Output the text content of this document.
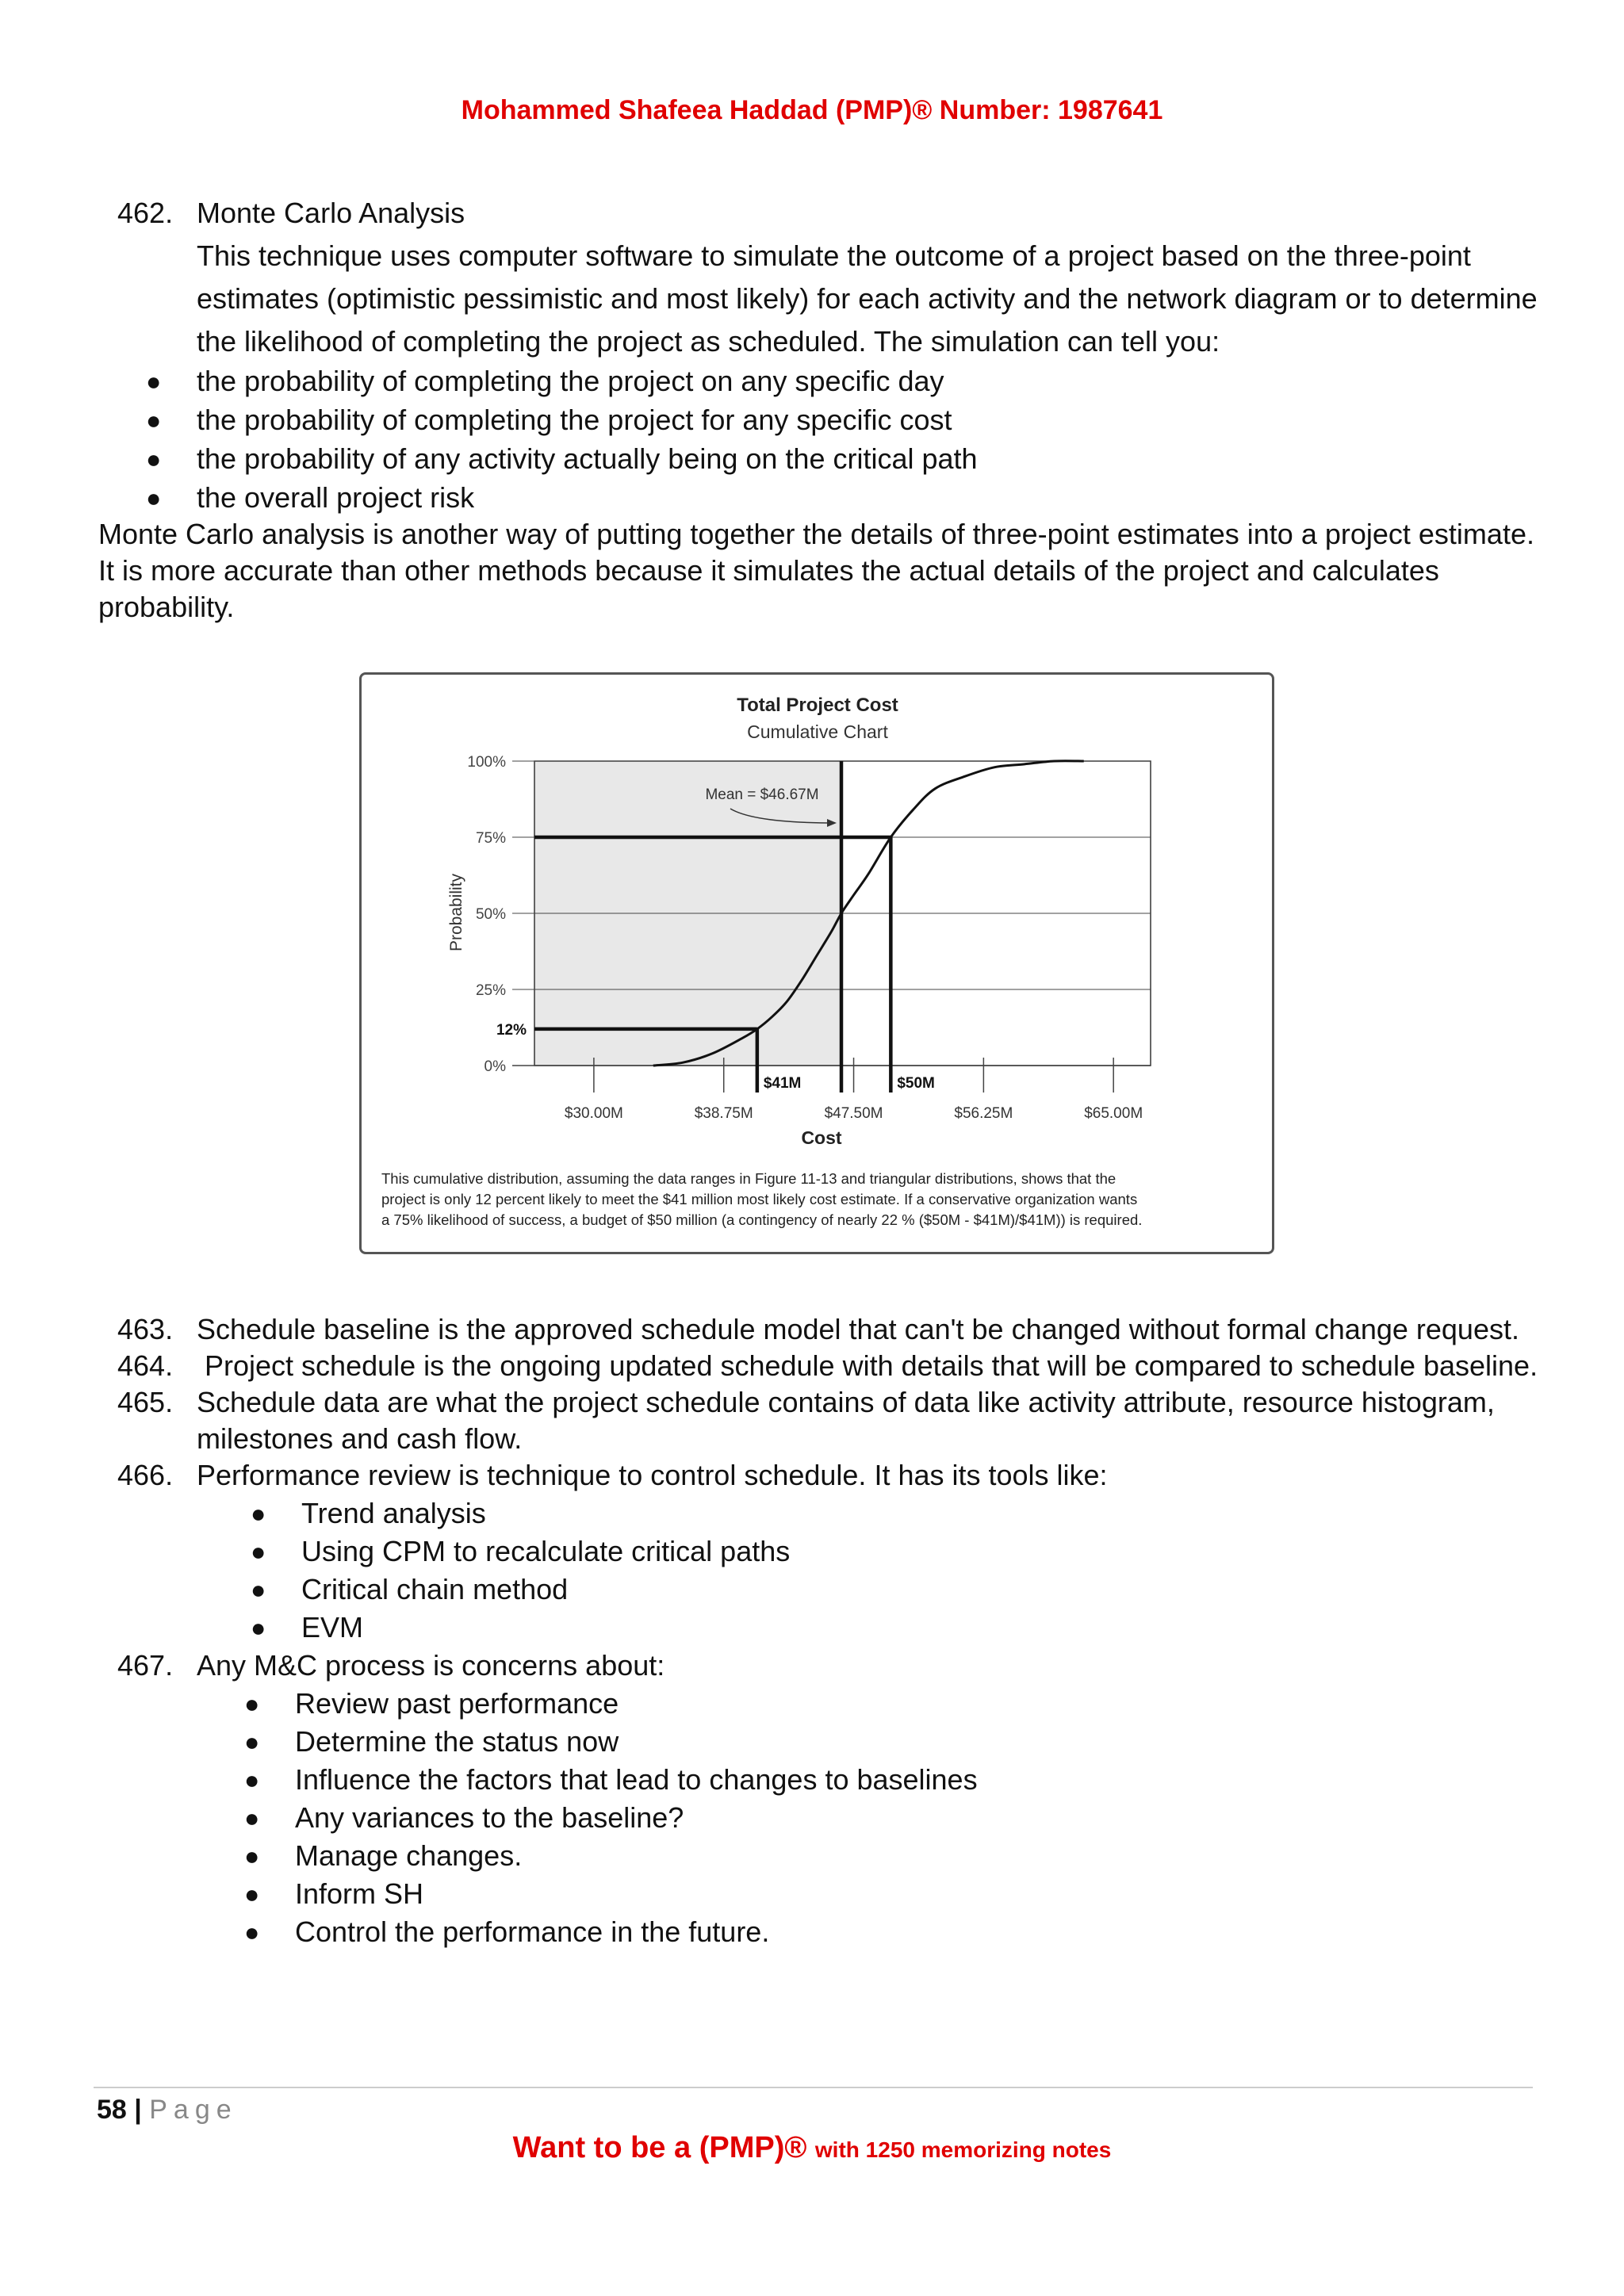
Mohammed Shafeea Haddad (PMP)® Number: 1987641
462. Monte Carlo Analysis
This technique uses computer software to simulate the outcome of a project based on the three-point
estimates (optimistic pessimistic and most likely) for each activity and the network diagram or to determine
the likelihood of completing the project as scheduled. The simulation can tell you:
● the probability of completing the project on any specific day
● the probability of completing the project for any specific cost
● the probability of any activity actually being on the critical path
● the overall project risk
Monte Carlo analysis is another way of putting together the details of three-point estimates into a project estimate.
It is more accurate than other methods because it simulates the actual details of the project and calculates
probability.
Total Project Cost
Cumulative Chart
0%
25%
50%
75%
100%
$30.00M	$38.75M	$47.50M	$56.25M	$65.00M
$41M
12%
$50M
Mean = $46.67M
Probability
Cost
This cumulative distribution, assuming the data ranges in Figure 11-13 and triangular distributions, shows that the
project is only 12 percent likely to meet the $41 million most likely cost estimate. If a conservative organization wants
a 75% likelihood of success, a budget of $50 million (a contingency of nearly 22 % ($50M - $41M)/$41M)) is required.
463. Schedule baseline is the approved schedule model that can't be changed without formal change request.
464. Project schedule is the ongoing updated schedule with details that will be compared to schedule baseline.
465. Schedule data are what the project schedule contains of data like activity attribute, resource histogram,
milestones and cash flow.
466. Performance review is technique to control schedule. It has its tools like:
● Trend analysis
● Using CPM to recalculate critical paths
● Critical chain method
● EVM
467. Any M&C process is concerns about:
● Review past performance
● Determine the status now
● Influence the factors that lead to changes to baselines
● Any variances to the baseline?
● Manage changes.
● Inform SH
● Control the performance in the future.
58 | Page
Want to be a (PMP)® with 1250 memorizing notes
